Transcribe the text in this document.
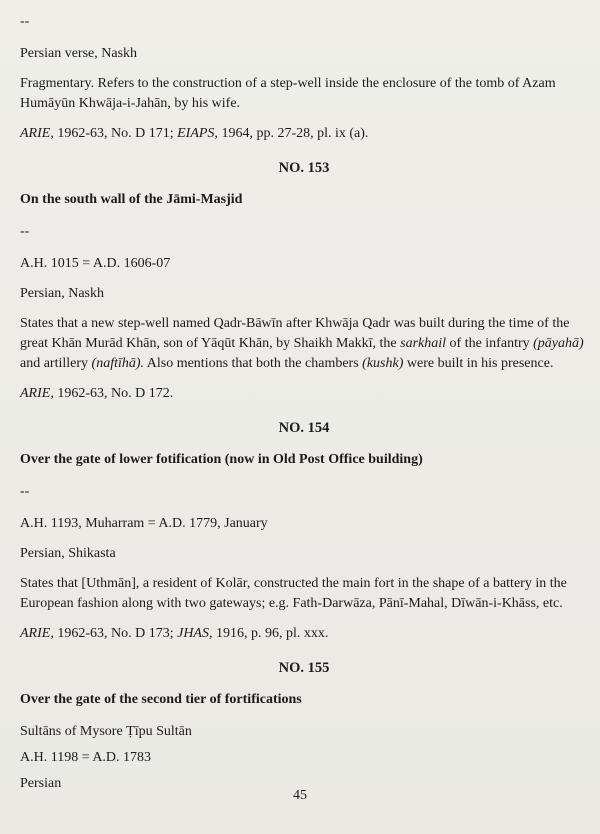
--

Persian verse, Naskh

Fragmentary. Refers to the construction of a step-well inside the enclosure of the tomb of Azam Humāyūn Khwāja-i-Jahān, by his wife.

ARIE, 1962-63, No. D 171; EIAPS, 1964, pp. 27-28, pl. ix (a).

NO. 153

On the south wall of the Jāmi-Masjid

--

A.H. 1015 = A.D. 1606-07

Persian, Naskh

States that a new step-well named Qadr-Bāwīn after Khwāja Qadr was built during the time of the great Khān Murād Khān, son of Yāqūt Khān, by Shaikh Makkī, the sarkhail of the infantry (pāyahā) and artillery (naftīhā). Also mentions that both the chambers (kushk) were built in his presence.

ARIE, 1962-63, No. D 172.

NO. 154

Over the gate of lower fotification (now in Old Post Office building)

--

A.H. 1193, Muharram = A.D. 1779, January

Persian, Shikasta

States that [Uthmān], a resident of Kolār, constructed the main fort in the shape of a battery in the European fashion along with two gateways; e.g. Fath-Darwāza, Pānī-Mahal, Dīwān-i-Khāss, etc.

ARIE, 1962-63, No. D 173; JHAS, 1916, p. 96, pl. xxx.

NO. 155

Over the gate of the second tier of fortifications

Sultāns of Mysore Ṭīpu Sultān

A.H. 1198 = A.D. 1783

Persian

45
